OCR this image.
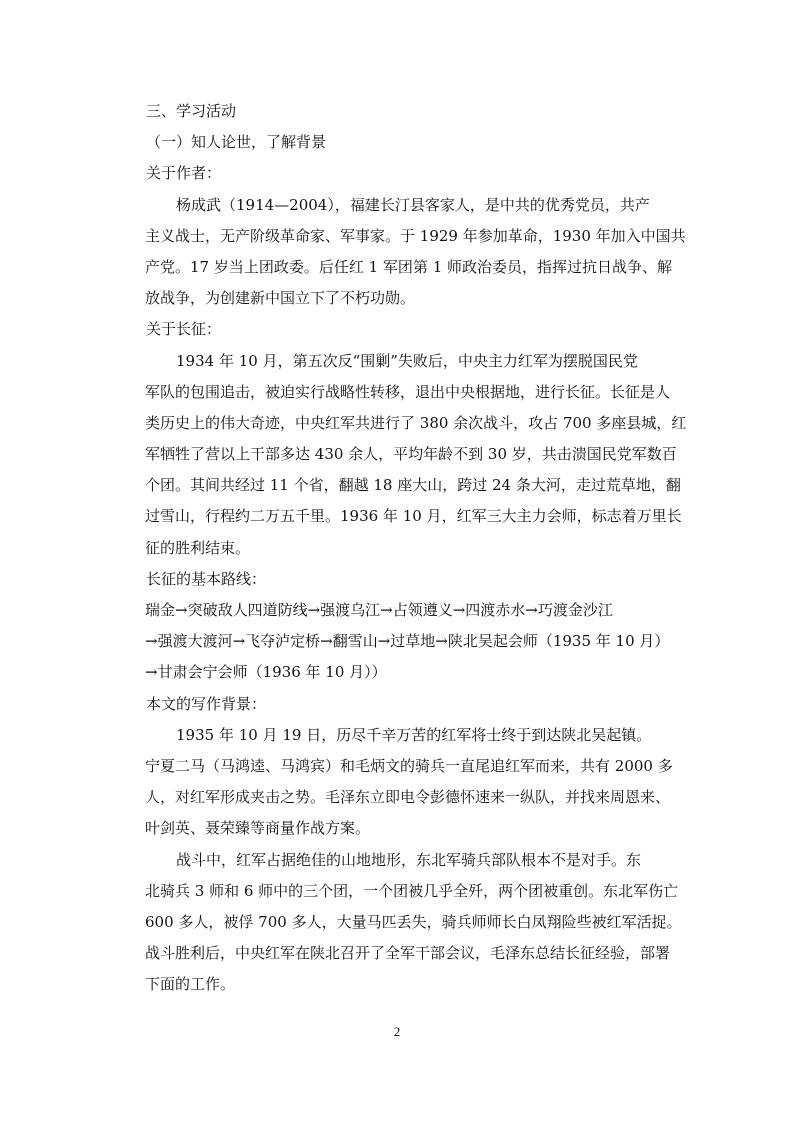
三、学习活动
（一）知人论世，了解背景
关于作者：
杨成武（1914—2004），福建长汀县客家人，是中共的优秀党员，共产
主义战士，无产阶级革命家、军事家。于 1929 年参加革命，1930 年加入中国共
产党。17 岁当上团政委。后任红 1 军团第 1 师政治委员，指挥过抗日战争、解
放战争，为创建新中国立下了不朽功勋。
关于长征：
1934 年 10 月，第五次反“围剿”失败后，中央主力红军为摆脱国民党
军队的包围追击，被迫实行战略性转移，退出中央根据地，进行长征。长征是人
类历史上的伟大奇迹，中央红军共进行了 380 余次战斗，攻占 700 多座县城，红
军牺牲了营以上干部多达 430 余人，平均年龄不到 30 岁，共击溃国民党军数百
个团。其间共经过 11 个省，翻越 18 座大山，跨过 24 条大河，走过荒草地，翻
过雪山，行程约二万五千里。1936 年 10 月，红军三大主力会师，标志着万里长
征的胜利结束。
长征的基本路线：
瑞金→突破敌人四道防线→强渡乌江→占领遵义→四渡赤水→巧渡金沙江
→强渡大渡河→飞夺泸定桥→翻雪山→过草地→陕北吴起会师（1935 年 10 月）
→甘肃会宁会师（1936 年 10 月））
本文的写作背景：
1935 年 10 月 19 日，历尽千辛万苦的红军将士终于到达陕北吴起镇。
宁夏二马（马鸿逵、马鸿宾）和毛炳文的骑兵一直尾追红军而来，共有 2000 多
人，对红军形成夹击之势。毛泽东立即电令彭德怀速来一纵队，并找来周恩来、
叶剑英、聂荣臻等商量作战方案。
战斗中，红军占据绝佳的山地地形，东北军骑兵部队根本不是对手。东
北骑兵 3 师和 6 师中的三个团，一个团被几乎全歼，两个团被重创。东北军伤亡
600 多人，被俘 700 多人，大量马匹丢失，骑兵师师长白凤翔险些被红军活捉。
战斗胜利后，中央红军在陕北召开了全军干部会议，毛泽东总结长征经验，部署
下面的工作。
2
